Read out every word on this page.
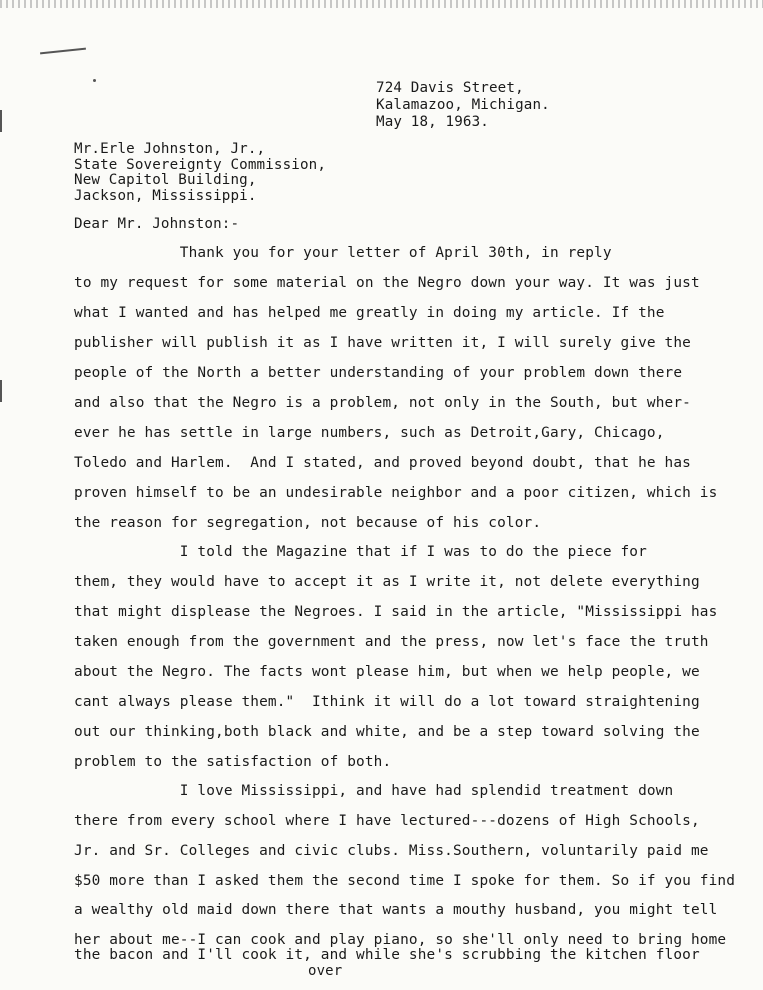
724 Davis Street,
Kalamazoo, Michigan.
May 18, 1963.
Mr.Erle Johnston, Jr.,
State Sovereignty Commission,
New Capitol Building,
Jackson, Mississippi.
Dear Mr. Johnston:-
Thank you for your letter of April 30th, in reply
to my request for some material on the Negro down your way. It was just
what I wanted and has helped me greatly in doing my article. If the
publisher will publish it as I have written it, I will surely give the
people of the North a better understanding of your problem down there
and also that the Negro is a problem, not only in the South, but wher-
ever he has settle in large numbers, such as Detroit,Gary, Chicago,
Toledo and Harlem.  And I stated, and proved beyond doubt, that he has
proven himself to be an undesirable neighbor and a poor citizen, which is
the reason for segregation, not because of his color.
I told the Magazine that if I was to do the piece for
them, they would have to accept it as I write it, not delete everything
that might displease the Negroes. I said in the article, "Mississippi has
taken enough from the government and the press, now let's face the truth
about the Negro. The facts wont please him, but when we help people, we
cant always please them."  Ithink it will do a lot toward straightening
out our thinking,both black and white, and be a step toward solving the
problem to the satisfaction of both.
I love Mississippi, and have had splendid treatment down
there from every school where I have lectured---dozens of High Schools,
Jr. and Sr. Colleges and civic clubs. Miss.Southern, voluntarily paid me
$50 more than I asked them the second time I spoke for them. So if you find
a wealthy old maid down there that wants a mouthy husband, you might tell
her about me--I can cook and play piano, so she'll only need to bring home
the bacon and I'll cook it, and while she's scrubbing the kitchen floor
over
